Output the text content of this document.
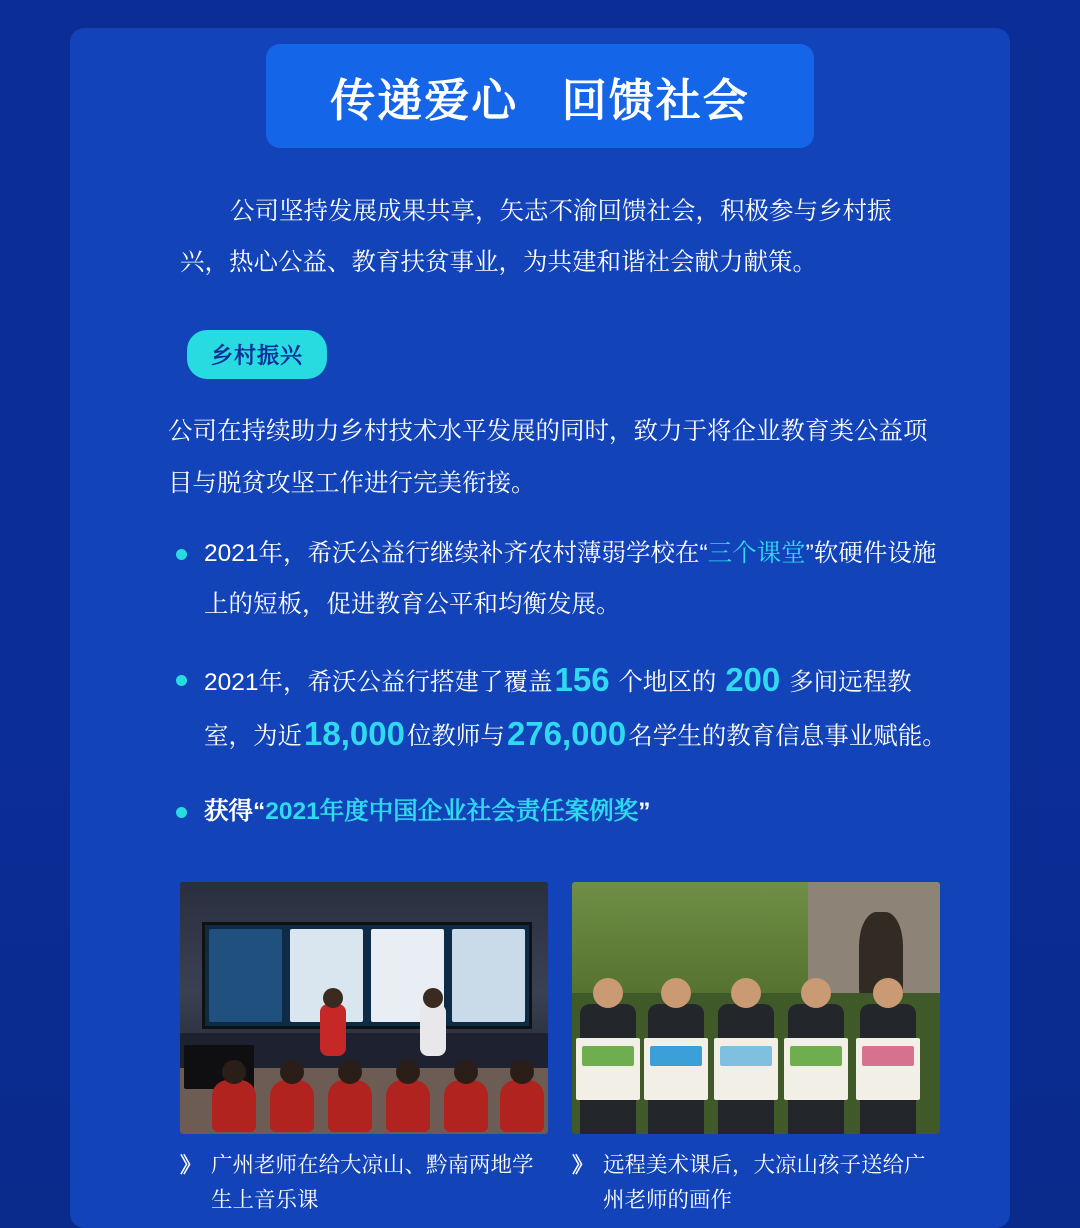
传递爱心   回馈社会
公司坚持发展成果共享，矢志不渝回馈社会，积极参与乡村振兴，热心公益、教育扶贫事业，为共建和谐社会献力献策。
乡村振兴
公司在持续助力乡村技术水平发展的同时，致力于将企业教育类公益项目与脱贫攻坚工作进行完美衔接。
2021年，希沃公益行继续补齐农村薄弱学校在“三个课堂”软硬件设施上的短板，促进教育公平和均衡发展。
2021年，希沃公益行搭建了覆盖156 个地区的 200 多间远程教室，为近18,000位教师与276,000名学生的教育信息事业赋能。
获得“2021年度中国企业社会责任案例奖”
》 广州老师在给大凉山、黔南两地学生上音乐课
》 远程美术课后，大凉山孩子送给广州老师的画作
